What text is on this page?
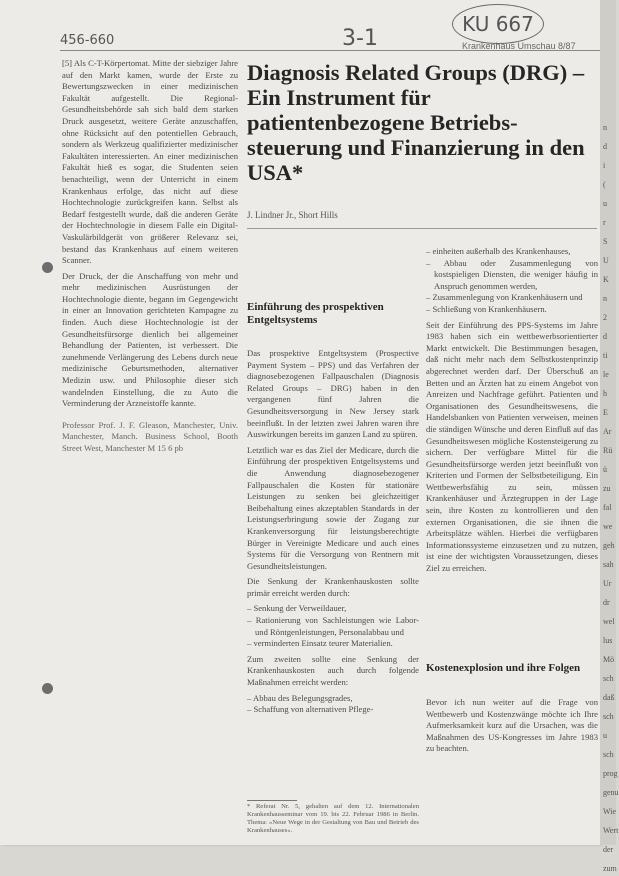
456-660	3-1
KU 667
Krankenhaus Umschau 8/87

[5] Als C-T-Körpertomat. Mitte der siebziger Jahre auf den Markt kamen, wurde der Erste zu Bewertungszwecken in einer medizinischen Fakultät aufgestellt. Die Regional-Gesundheitsbehörde sah sich bald dem starken Druck ausgesetzt, weitere Geräte anzuschaffen, ohne Rücksicht auf den potentiellen Gebrauch, sondern als Werkzeug qualifizierter medizinischer Fakultäten interessierten. An einer medizinischen Fakultät hieß es sogar, die Studenten seien benachteiligt, wenn der Unterricht in einem Krankenhaus erfolge, das nicht auf diese Hochtechnologie zurückgreifen kann. Selbst als Bedarf festgestellt wurde, daß die anderen Geräte der Hochtechnologie in diesem Falle ein Digital-Vaskulärbildgerät von größerer Relevanz sei, bestand das Krankenhaus auf einem weiteren Scanner.

Der Druck, der die Anschaffung von mehr und mehr medizinischen Ausrüstungen der Hochtechnologie diente, begann im Gegengewicht in einer an Innovation gerichteten Kampagne zu finden. Auch diese Hochtechnologie ist der Gesundheitsfürsorge dienlich bei allgemeiner Behandlung der Patienten, ist verbessert. Die zunehmende Verlängerung des Lebens durch neue medizinische Geburtsmethoden, alternativer Medizin usw. und Philosophie dieser sich wandelnden Einstellung, die zu Auto die Verminderung der Arzneistoffe kannte.

Professor Prof. J. F. Gleason, Manchester, Univ. Manchester, Manch. Business School, Booth Street West, Manchester M 15 6 pb

Diagnosis Related Groups (DRG) – Ein Instrument für patientenbezogene Betriebs-steuerung und Finanzierung in den USA*
J. Lindner Jr., Short Hills
Einführung des prospektiven Entgeltsystems

Das prospektive Entgeltsystem (Prospective Payment System – PPS) und das Verfahren der diagnosebezogenen Fallpauschalen (Diagnosis Related Groups – DRG) haben in den vergangenen fünf Jahren die Gesundheitsversorgung in New Jersey stark beeinflußt. In der letzten zwei Jahren waren ihre Auswirkungen bereits im ganzen Land zu spüren.

Letztlich war es das Ziel der Medicare, durch die Einführung der prospektiven Entgeltsystems und die Anwendung diagnosebezogener Fallpauschalen die Kosten für stationäre Leistungen zu senken bei gleichzeitiger Beibehaltung eines akzeptablen Standards in der Leistungserbringung sowie der Zugang zur Krankenversorgung für leistungsberechtigte Bürger in Vereinigte Medicare und auch eines Systems für die Versorgung von Rentnern mit Gesundheitsleistungen.

Die Senkung der Krankenhauskosten sollte primär erreicht werden durch:

– Senkung der Verweildauer,
– Rationierung von Sachleistungen wie Labor- und Röntgenleistungen, Personalabbau und
– verminderten Einsatz teurer Materialien.

Zum zweiten sollte eine Senkung der Krankenhauskosten auch durch folgende Maßnahmen erreicht werden:

– Abbau des Belegungsgrades,
– Schaffung von alternativen Pflege-
* Referat Nr. 5, gehalten auf dem 12. Internationalen Krankenhausseminar vom 19. bis 22. Februar 1986 in Berlin. Thema: »Neue Wege in der Gestaltung von Bau und Betrieb des Krankenhauses«.
– einheiten außerhalb des Krankenhauses,
– Abbau oder Zusammenlegung von kostspieligen Diensten, die weniger häufig in Anspruch genommen werden,
– Zusammenlegung von Krankenhäusern und
– Schließung von Krankenhäusern.

Seit der Einführung des PPS-Systems im Jahre 1983 haben sich ein wettbewerbsorientierter Markt entwickelt. Die Bestimmungen besagen, daß nicht mehr nach dem Selbstkostenprinzip abgerechnet werden darf. Der Überschuß an Betten und an Ärzten hat zu einem Angebot von Anreizen und Nachfrage geführt. Patienten und Organisationen des Gesundheitswesens, die Handelsbanken von Patienten verweisen, meinen die ständigen Wünsche und deren Einfluß auf das Gesundheitswesen mögliche Kostensteigerung zu sichern. Der verfügbare Mittel für die Gesundheitsfürsorge werden jetzt beeinflußt von Kriterien und Formen der Selbstbeteiligung. Ein Wettbewerbsfähig zu sein, müssen Krankenhäuser und Ärztegruppen in der Lage sein, ihre Kosten zu kontrollieren und den externen Organisationen, die sie ihnen die Arbeitsplätze wählen. Hierbei die verfügbaren Informationssysteme einzusetzen und zu nutzen, ist eine der wichtigsten Voraussetzungen, dieses Ziel zu erreichen.

Kostenexplosion und ihre Folgen

Bevor ich nun weiter auf die Frage von Wettbewerb und Kostenzwänge möchte ich Ihre Aufmerksamkeit kurz auf die Ursachen, was die Maßnahmen des US-Kongresses im Jahre 1983 zu beachten.

n
d
i
(
u
r
S
U
K
n
2
d
ti
le
h
E
Ar
Rü
ü
zu
fal
we
geh
sah
Ur
dr
wel
lus
Mö
sch
daß
sch
u
sch
prog
genu
Wie
Wert
der
zum
